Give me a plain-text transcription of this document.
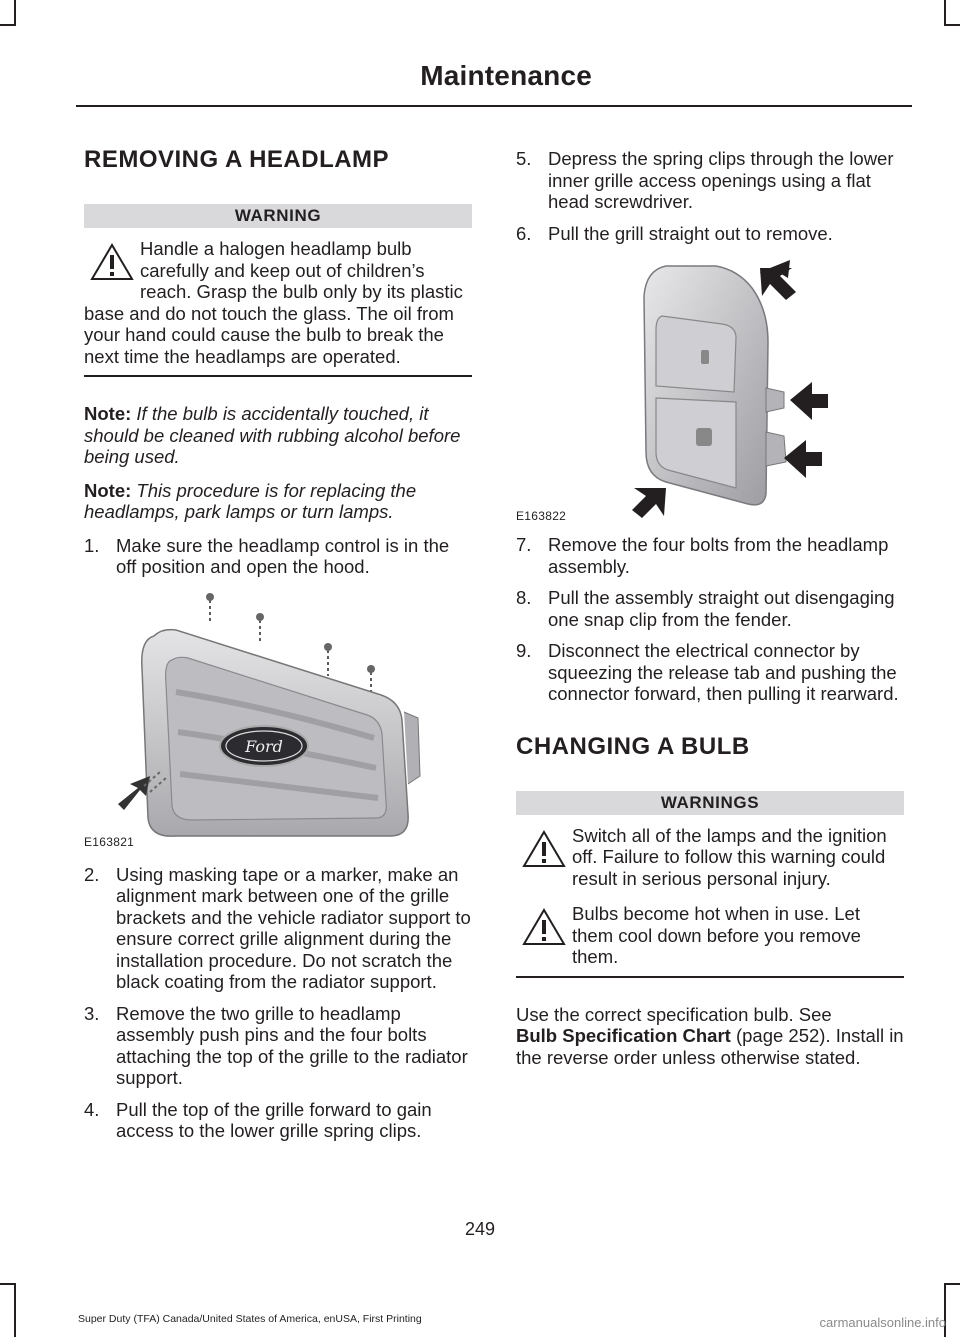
Maintenance
REMOVING A HEADLAMP
WARNING

Handle a halogen headlamp bulb carefully and keep out of children’s reach. Grasp the bulb only by its plastic base and do not touch the glass. The oil from your hand could cause the bulb to break the next time the headlamps are operated.

Note: If the bulb is accidentally touched, it should be cleaned with rubbing alcohol before being used.

Note: This procedure is for replacing the headlamps, park lamps or turn lamps.

1. Make sure the headlamp control is in the off position and open the hood.
Ford
E163821
2. Using masking tape or a marker, make an alignment mark between one of the grille brackets and the vehicle radiator support to ensure correct grille alignment during the installation procedure. Do not scratch the black coating from the radiator support.
3. Remove the two grille to headlamp assembly push pins and the four bolts attaching the top of the grille to the radiator support.
4. Pull the top of the grille forward to gain access to the lower grille spring clips.
5. Depress the spring clips through the lower inner grille access openings using a flat head screwdriver.
6. Pull the grill straight out to remove.
E163822
7. Remove the four bolts from the headlamp assembly.
8. Pull the assembly straight out disengaging one snap clip from the fender.
9. Disconnect the electrical connector by squeezing the release tab and pushing the connector forward, then pulling it rearward.
CHANGING A BULB
WARNINGS

Switch all of the lamps and the ignition off. Failure to follow this warning could result in serious personal injury.

Bulbs become hot when in use. Let them cool down before you remove them.

Use the correct specification bulb. See
Bulb Specification Chart (page 252). Install in the reverse order unless otherwise stated.

249
Super Duty (TFA) Canada/United States of America, enUSA, First Printing	carmanualsonline.info
